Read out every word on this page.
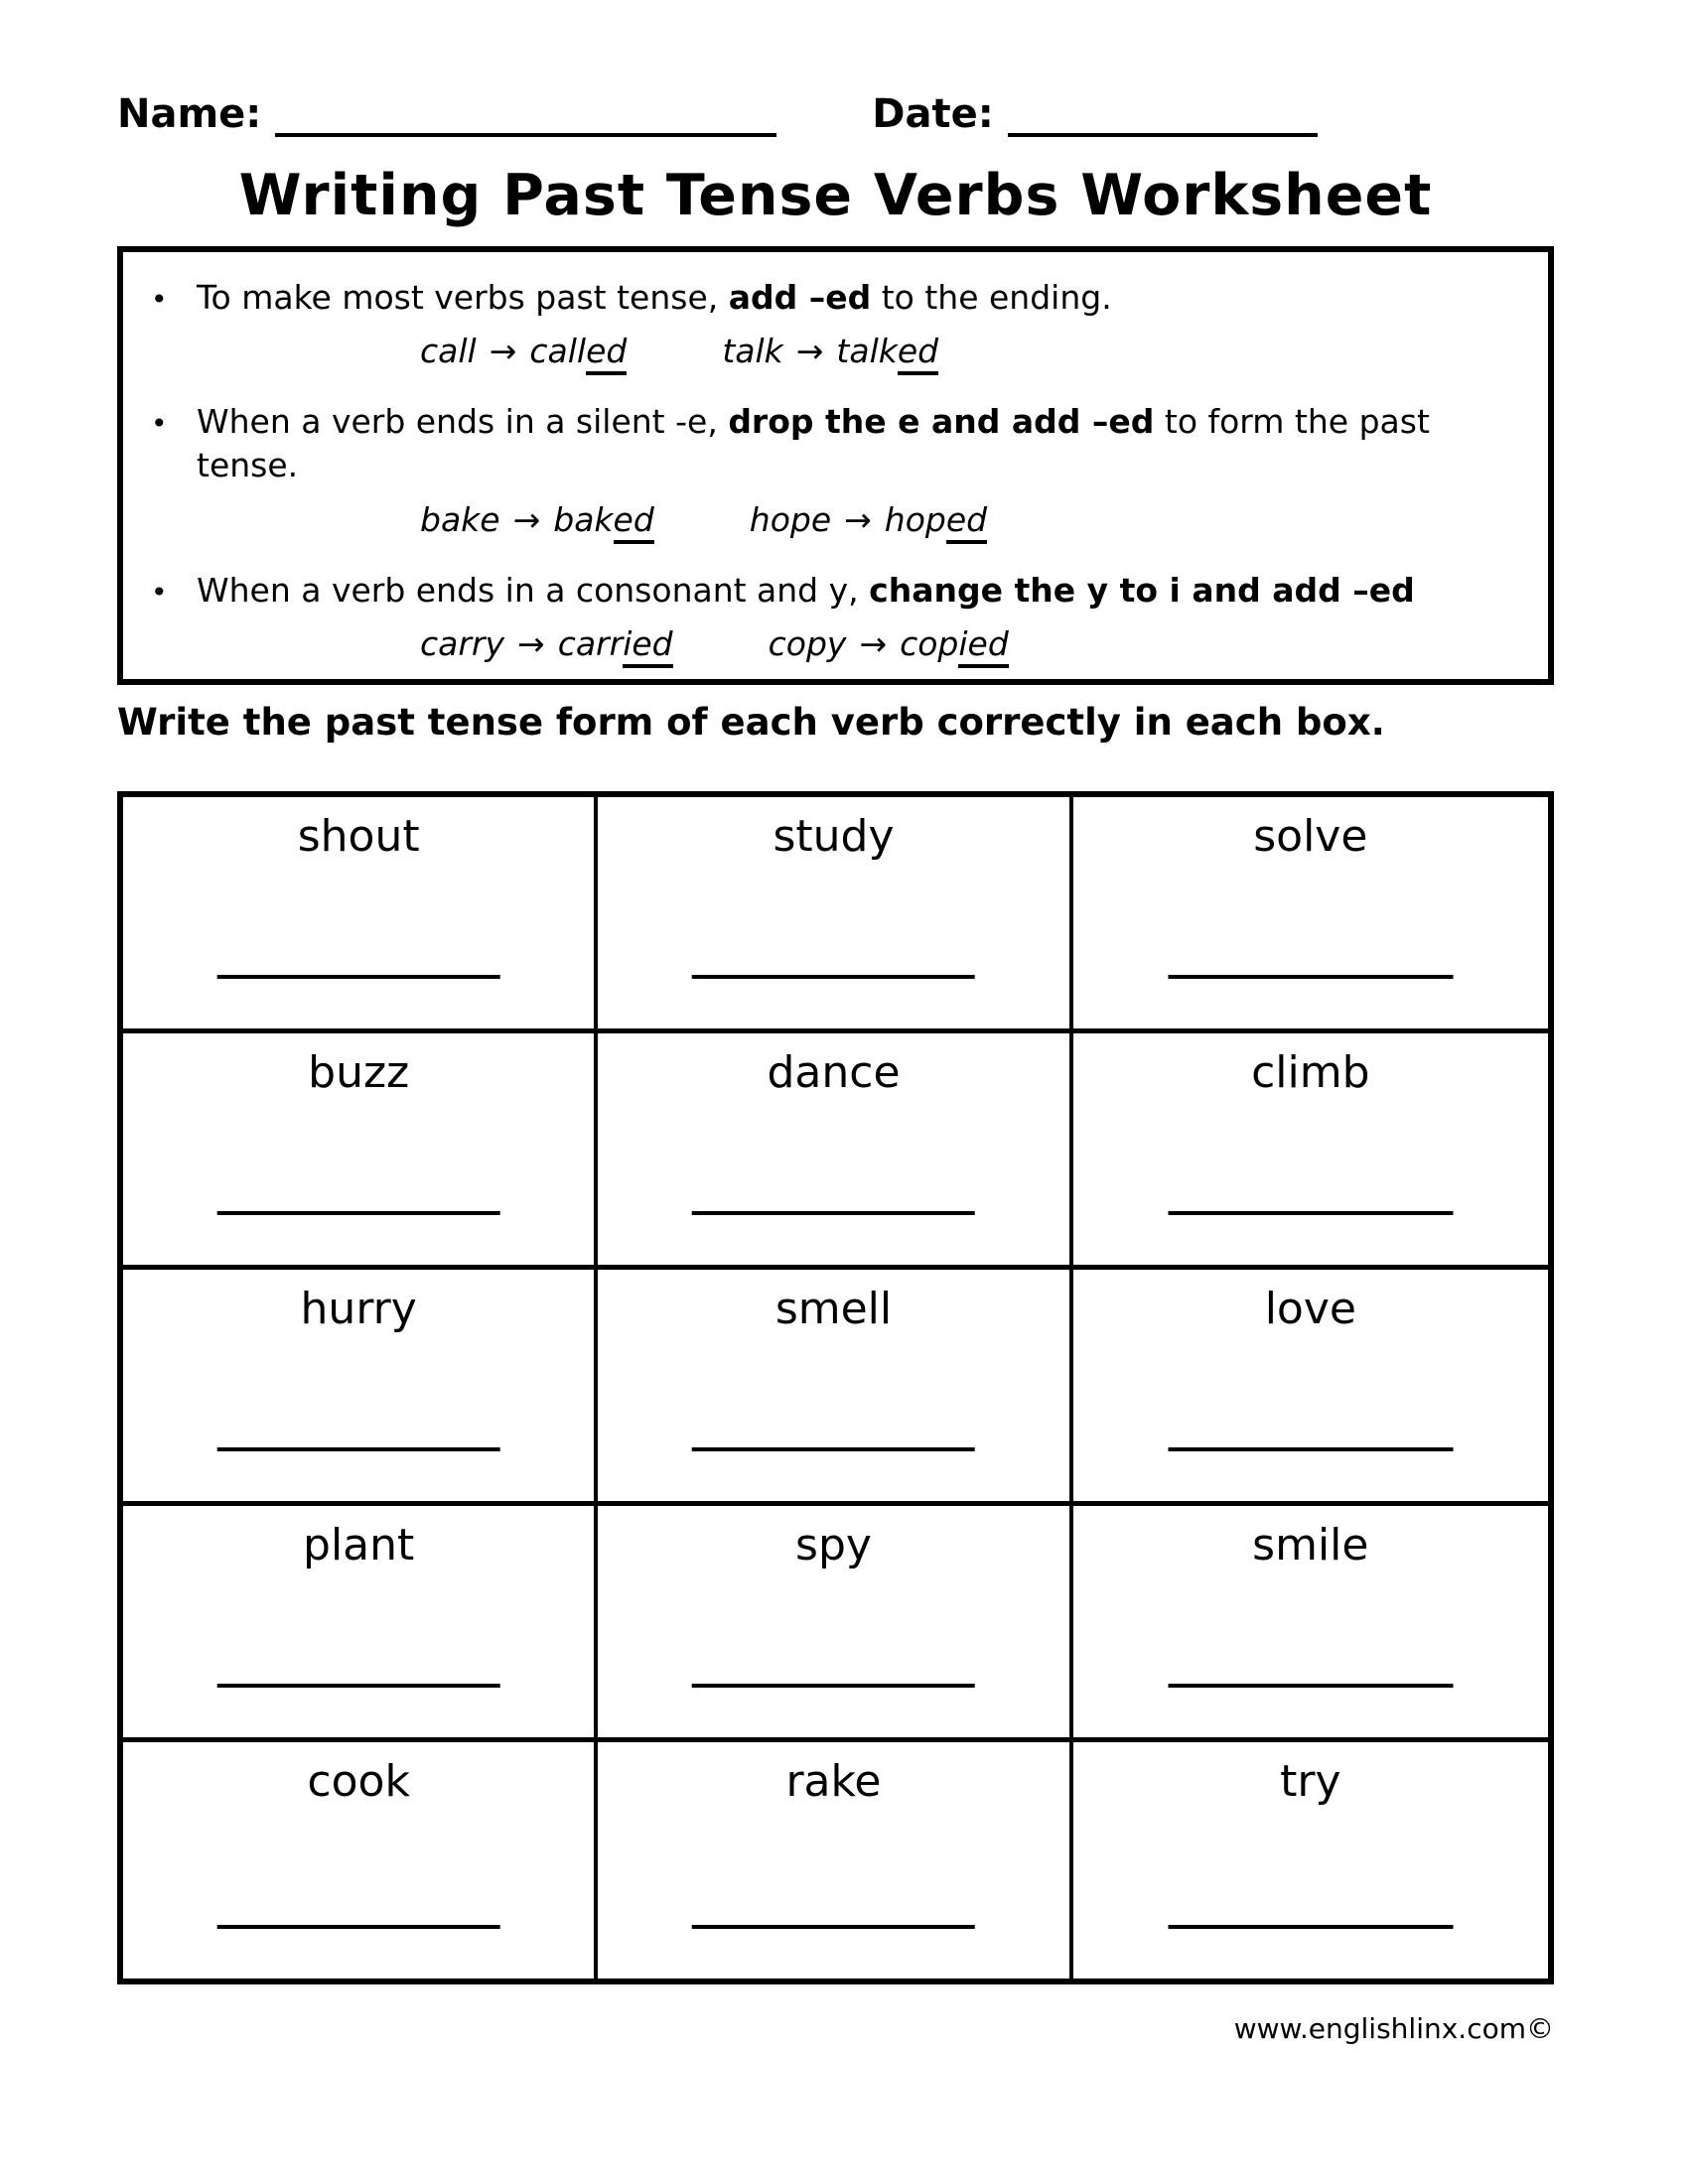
Name:	Date:
Writing Past Tense Verbs Worksheet
• To make most verbs past tense, add –ed to the ending.

call → called	talk → talked
• When a verb ends in a silent -e, drop the e and add –ed to form the past tense.

bake → baked	hope → hoped
• When a verb ends in a consonant and y, change the y to i and add –ed

carry → carried	copy → copied
Write the past tense form of each verb correctly in each box.
shout	study	solve
buzz	dance	climb
hurry	smell	love
plant	spy	smile
cook	rake	try
www.englishlinx.com©
